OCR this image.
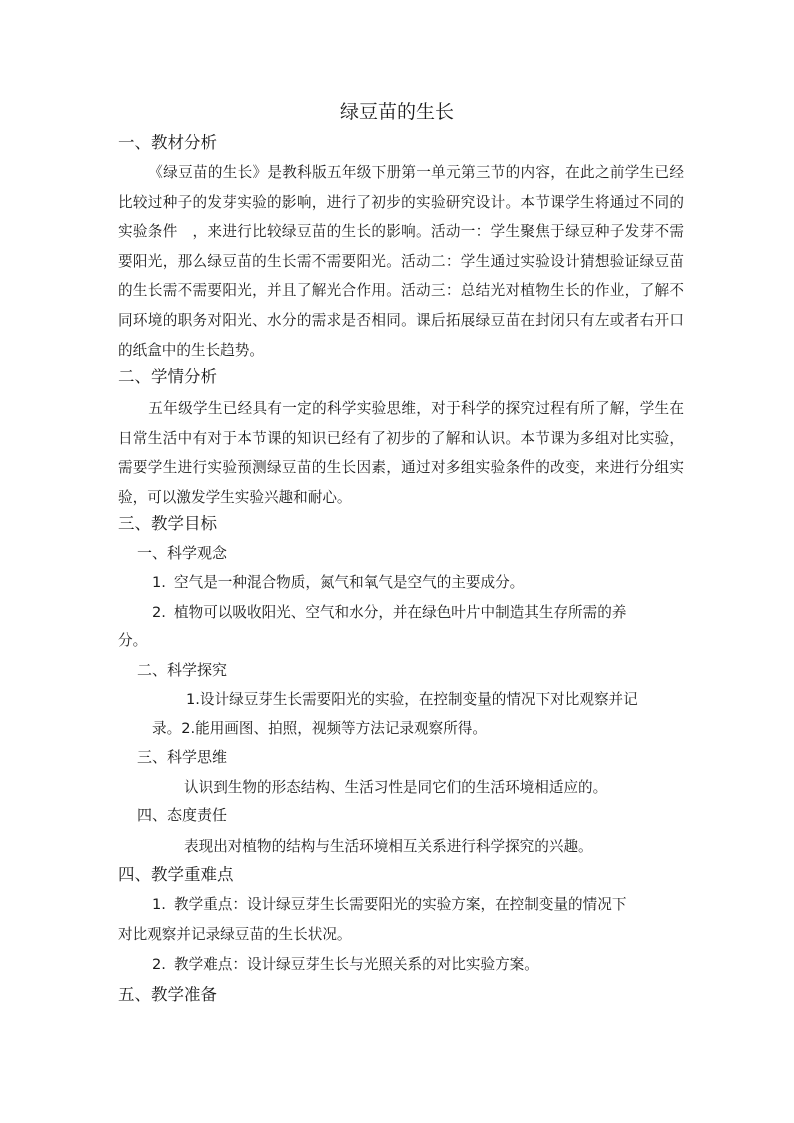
绿豆苗的生长
一、教材分析
《绿豆苗的生长》是教科版五年级下册第一单元第三节的内容，在此之前学生已经比较过种子的发芽实验的影响，进行了初步的实验研究设计。本节课学生将通过不同的实验条件　，来进行比较绿豆苗的生长的影响。活动一：学生聚焦于绿豆种子发芽不需要阳光，那么绿豆苗的生长需不需要阳光。活动二：学生通过实验设计猜想验证绿豆苗的生长需不需要阳光，并且了解光合作用。活动三：总结光对植物生长的作业，了解不同环境的职务对阳光、水分的需求是否相同。课后拓展绿豆苗在封闭只有左或者右开口的纸盒中的生长趋势。
二、学情分析
五年级学生已经具有一定的科学实验思维，对于科学的探究过程有所了解，学生在日常生活中有对于本节课的知识已经有了初步的了解和认识。本节课为多组对比实验，需要学生进行实验预测绿豆苗的生长因素，通过对多组实验条件的改变，来进行分组实验，可以激发学生实验兴趣和耐心。
三、教学目标
一、科学观念
1. 空气是一种混合物质，氮气和氧气是空气的主要成分。
2. 植物可以吸收阳光、空气和水分，并在绿色叶片中制造其生存所需的养
分。
二、科学探究
1.设计绿豆芽生长需要阳光的实验，在控制变量的情况下对比观察并记
录。2.能用画图、拍照，视频等方法记录观察所得。
三、科学思维
认识到生物的形态结构、生活习性是同它们的生活环境相适应的。
四、态度责任
表现出对植物的结构与生活环境相互关系进行科学探究的兴趣。
四、教学重难点
1. 教学重点：设计绿豆芽生长需要阳光的实验方案，在控制变量的情况下
对比观察并记录绿豆苗的生长状况。
2. 教学难点：设计绿豆芽生长与光照关系的对比实验方案。
五、教学准备
